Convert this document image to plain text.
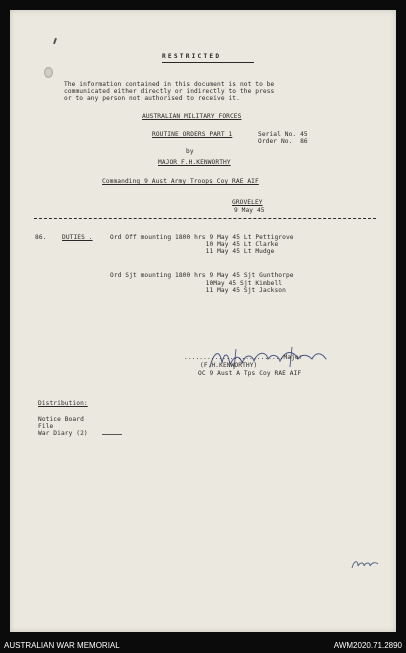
RESTRICTED
The information contained in this document is not to be
communicated either directly or indirectly to the press
or to any person not authorised to receive it.
AUSTRALIAN MILITARY FORCES
ROUTINE ORDERS PART 1	Serial No. 45
Order No.  86
by
MAJOR F.H.KENWORTHY
Commanding 9 Aust Army Troops Coy RAE AIF
GROVELEY
9 May 45
86.	DUTIES .	Ord Off mounting 1800 hrs 9 May 45 Lt Pettigrove
10 May 45 Lt Clarke
11 May 45 Lt Mudge
Ord Sjt mounting 1800 hrs 9 May 45 Sjt Gunthorpe
10May 45 Sjt Kimbell
11 May 45 Sjt Jackson
..........................Major
(F.H.KENWORTHY)
OC 9 Aust A Tps Coy RAE AIF
Distribution:
Notice Board
File
War Diary (2)
AUSTRALIAN WAR MEMORIAL	AWM2020.71.2890
